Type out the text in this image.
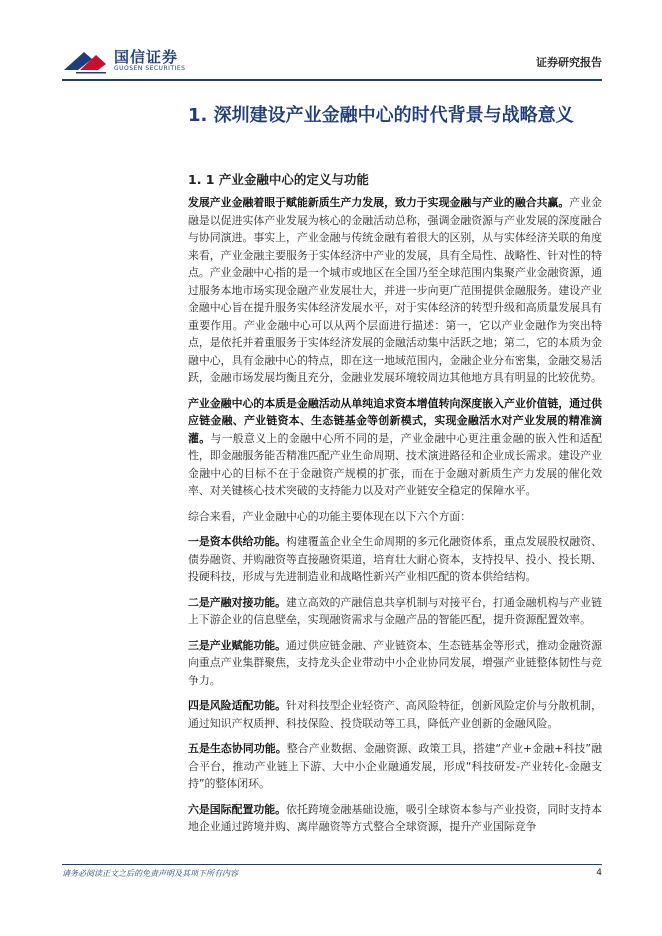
国信证券
GUOSEN SECURITIES	证券研究报告
1. 深圳建设产业金融中心的时代背景与战略意义
1. 1 产业金融中心的定义与功能

发展产业金融着眼于赋能新质生产力发展，致力于实现金融与产业的融合共赢。产业金融是以促进实体产业发展为核心的金融活动总称，强调金融资源与产业发展的深度融合与协同演进。事实上，产业金融与传统金融有着很大的区别，从与实体经济关联的角度来看，产业金融主要服务于实体经济中产业的发展，具有全局性、战略性、针对性的特点。产业金融中心指的是一个城市或地区在全国乃至全球范围内集聚产业金融资源，通过服务本地市场实现金融产业发展壮大，并进一步向更广范围提供金融服务。建设产业金融中心旨在提升服务实体经济发展水平，对于实体经济的转型升级和高质量发展具有重要作用。产业金融中心可以从两个层面进行描述：第一，它以产业金融作为突出特点，是依托并着重服务于实体经济发展的金融活动集中活跃之地；第二，它的本质为金融中心，具有金融中心的特点，即在这一地域范围内，金融企业分布密集，金融交易活跃，金融市场发展均衡且充分，金融业发展环境较周边其他地方具有明显的比较优势。

产业金融中心的本质是金融活动从单纯追求资本增值转向深度嵌入产业价值链，通过供应链金融、产业链资本、生态链基金等创新模式，实现金融活水对产业发展的精准滴灌。与一般意义上的金融中心所不同的是，产业金融中心更注重金融的嵌入性和适配性，即金融服务能否精准匹配产业生命周期、技术演进路径和企业成长需求。建设产业金融中心的目标不在于金融资产规模的扩张，而在于金融对新质生产力发展的催化效率、对关键核心技术突破的支持能力以及对产业链安全稳定的保障水平。

综合来看，产业金融中心的功能主要体现在以下六个方面：

一是资本供给功能。构建覆盖企业全生命周期的多元化融资体系，重点发展股权融资、债券融资、并购融资等直接融资渠道，培育壮大耐心资本，支持投早、投小、投长期、投硬科技，形成与先进制造业和战略性新兴产业相匹配的资本供给结构。

二是产融对接功能。建立高效的产融信息共享机制与对接平台，打通金融机构与产业链上下游企业的信息壁垒，实现融资需求与金融产品的智能匹配，提升资源配置效率。

三是产业赋能功能。通过供应链金融、产业链资本、生态链基金等形式，推动金融资源向重点产业集群聚焦，支持龙头企业带动中小企业协同发展，增强产业链整体韧性与竞争力。

四是风险适配功能。针对科技型企业轻资产、高风险特征，创新风险定价与分散机制，通过知识产权质押、科技保险、投贷联动等工具，降低产业创新的金融风险。

五是生态协同功能。整合产业数据、金融资源、政策工具，搭建“产业+金融+科技”融合平台，推动产业链上下游、大中小企业融通发展，形成“科技研发-产业转化-金融支持”的整体闭环。

六是国际配置功能。依托跨境金融基础设施，吸引全球资本参与产业投资，同时支持本地企业通过跨境并购、离岸融资等方式整合全球资源，提升产业国际竞争

请务必阅读正文之后的免责声明及其项下所有内容	4
